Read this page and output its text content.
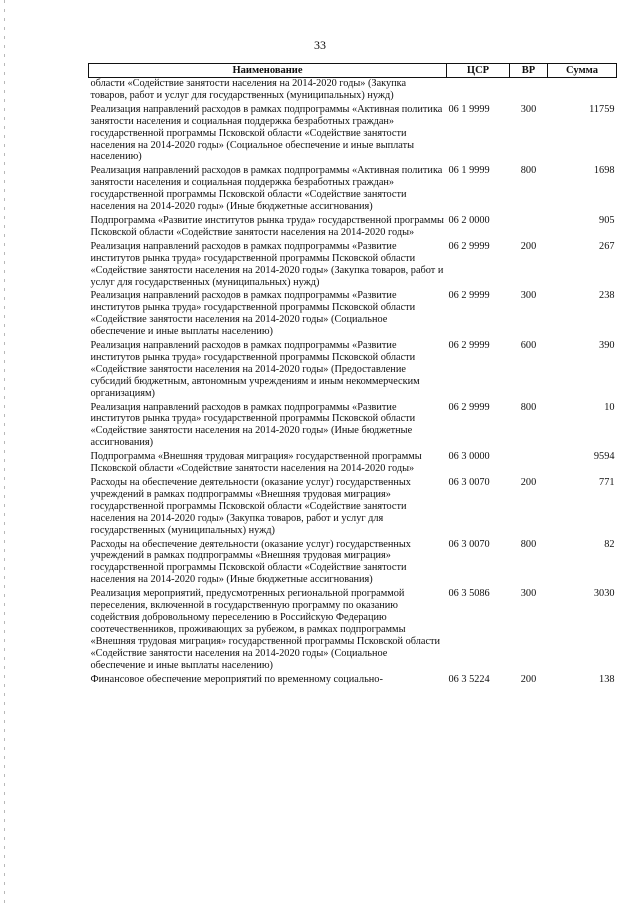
33
Наименование	ЦСР	ВР	Сумма
области «Содействие занятости населения на 2014-2020 годы» (Закупка товаров, работ и услуг для государственных (муниципальных) нужд)			
Реализация направлений расходов в рамках подпрограммы «Активная политика занятости населения и социальная поддержка безработных граждан» государственной программы Псковской области «Содействие занятости населения на 2014-2020 годы» (Социальное обеспечение и иные выплаты населению)	06 1 9999	300	11759
Реализация направлений расходов в рамках подпрограммы «Активная политика занятости населения и социальная поддержка безработных граждан» государственной программы Псковской области «Содействие занятости населения на 2014-2020 годы» (Иные бюджетные ассигнования)	06 1 9999	800	1698
Подпрограмма «Развитие институтов рынка труда» государственной программы Псковской области «Содействие занятости населения на 2014-2020 годы»	06 2 0000		905
Реализация направлений расходов в рамках подпрограммы «Развитие институтов рынка труда» государственной программы Псковской области «Содействие занятости населения на 2014-2020 годы» (Закупка товаров, работ и услуг для государственных (муниципальных) нужд)	06 2 9999	200	267
Реализация направлений расходов в рамках подпрограммы «Развитие институтов рынка труда» государственной программы Псковской области «Содействие занятости населения на 2014-2020 годы» (Социальное обеспечение и иные выплаты населению)	06 2 9999	300	238
Реализация направлений расходов в рамках подпрограммы «Развитие институтов рынка труда» государственной программы Псковской области «Содействие занятости населения на 2014-2020 годы» (Предоставление субсидий бюджетным, автономным учреждениям и иным некоммерческим организациям)	06 2 9999	600	390
Реализация направлений расходов в рамках подпрограммы «Развитие институтов рынка труда» государственной программы Псковской области «Содействие занятости населения на 2014-2020 годы» (Иные бюджетные ассигнования)	06 2 9999	800	10
Подпрограмма «Внешняя трудовая миграция» государственной программы Псковской области «Содействие занятости населения на 2014-2020 годы»	06 3 0000		9594
Расходы на обеспечение деятельности (оказание услуг) государственных учреждений в рамках подпрограммы «Внешняя трудовая миграция» государственной программы Псковской области «Содействие занятости населения на 2014-2020 годы» (Закупка товаров, работ и услуг для государственных (муниципальных) нужд)	06 3 0070	200	771
Расходы на обеспечение деятельности (оказание услуг) государственных учреждений в рамках подпрограммы «Внешняя трудовая миграция» государственной программы Псковской области «Содействие занятости населения на 2014-2020 годы» (Иные бюджетные ассигнования)	06 3 0070	800	82
Реализация мероприятий, предусмотренных региональной программой переселения, включенной в государственную программу по оказанию содействия добровольному переселению в Российскую Федерацию соотечественников, проживающих за рубежом, в рамках подпрограммы «Внешняя трудовая миграция» государственной программы Псковской области «Содействие занятости населения на 2014-2020 годы» (Социальное обеспечение и иные выплаты населению)	06 3 5086	300	3030
Финансовое обеспечение мероприятий по временному социально-	06 3 5224	200	138
